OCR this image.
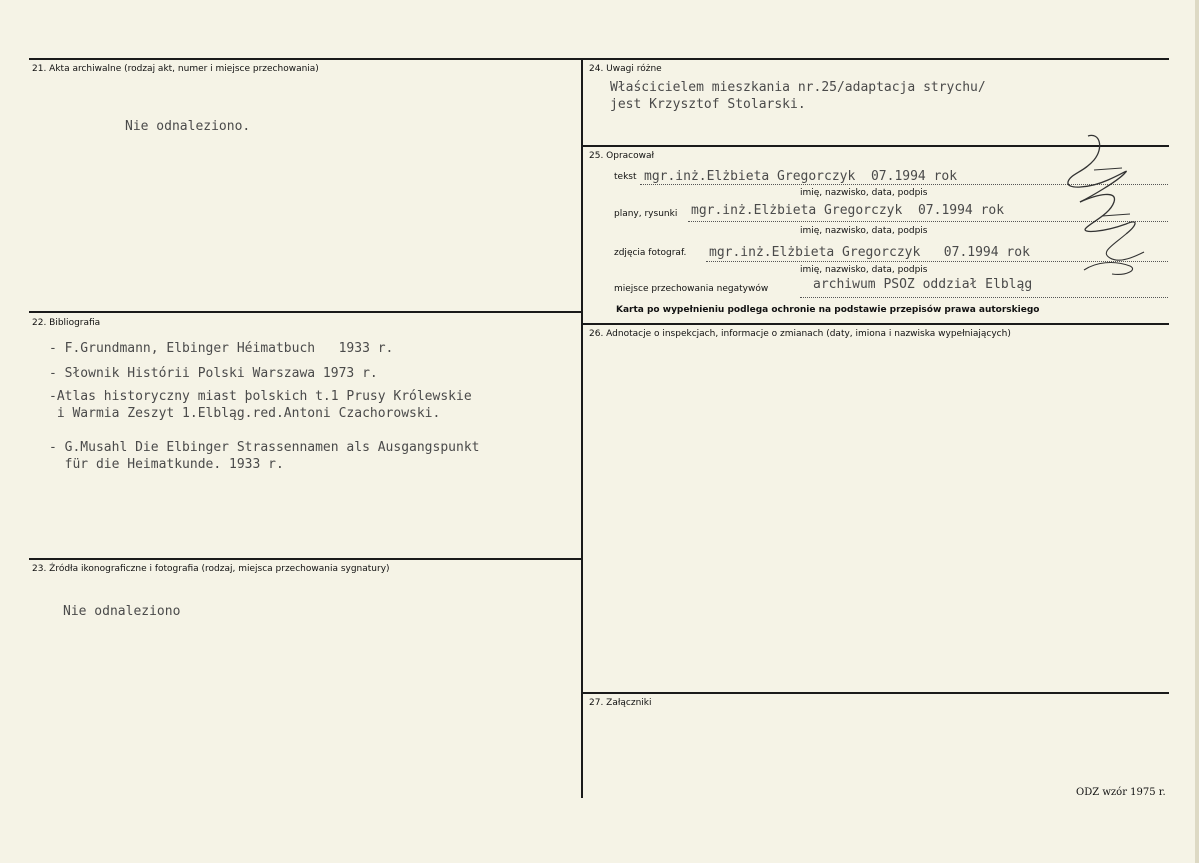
21. Akta archiwalne (rodzaj akt, numer i miejsce przechowania)
Nie odnaleziono.
22. Bibliografia
- F.Grundmann, Elbinger Héimatbuch   1933 r.
- Słownik Histórii Polski Warszawa 1973 r.
-Atlas historyczny miast þolskich t.1 Prusy Królewskie
i Warmia Zeszyt 1.Elbląg.red.Antoni Czachorowski.
- G.Musahl Die Elbinger Strassennamen als Ausgangspunkt
für die Heimatkunde. 1933 r.
23. Źródła ikonograficzne i fotografia (rodzaj, miejsca przechowania sygnatury)
Nie odnaleziono
24. Uwagi różne
Właścicielem mieszkania nr.25/adaptacja strychu/
jest Krzysztof Stolarski.
25. Opracował
tekst mgr.inż.Elżbieta Gregorczyk  07.1994 rok
imię, nazwisko, data, podpis
plany, rysunki mgr.inż.Elżbieta Gregorczyk  07.1994 rok
imię, nazwisko, data, podpis
zdjęcia fotograf. mgr.inż.Elżbieta Gregorczyk   07.1994 rok
imię, nazwisko, data, podpis
miejsce przechowania negatywów	archiwum PSOZ oddział Elbląg
Karta po wypełnieniu podlega ochronie na podstawie przepisów prawa autorskiego
26. Adnotacje o inspekcjach, informacje o zmianach (daty, imiona i nazwiska wypełniających)
27. Załączniki
ODZ wzór 1975 r.
